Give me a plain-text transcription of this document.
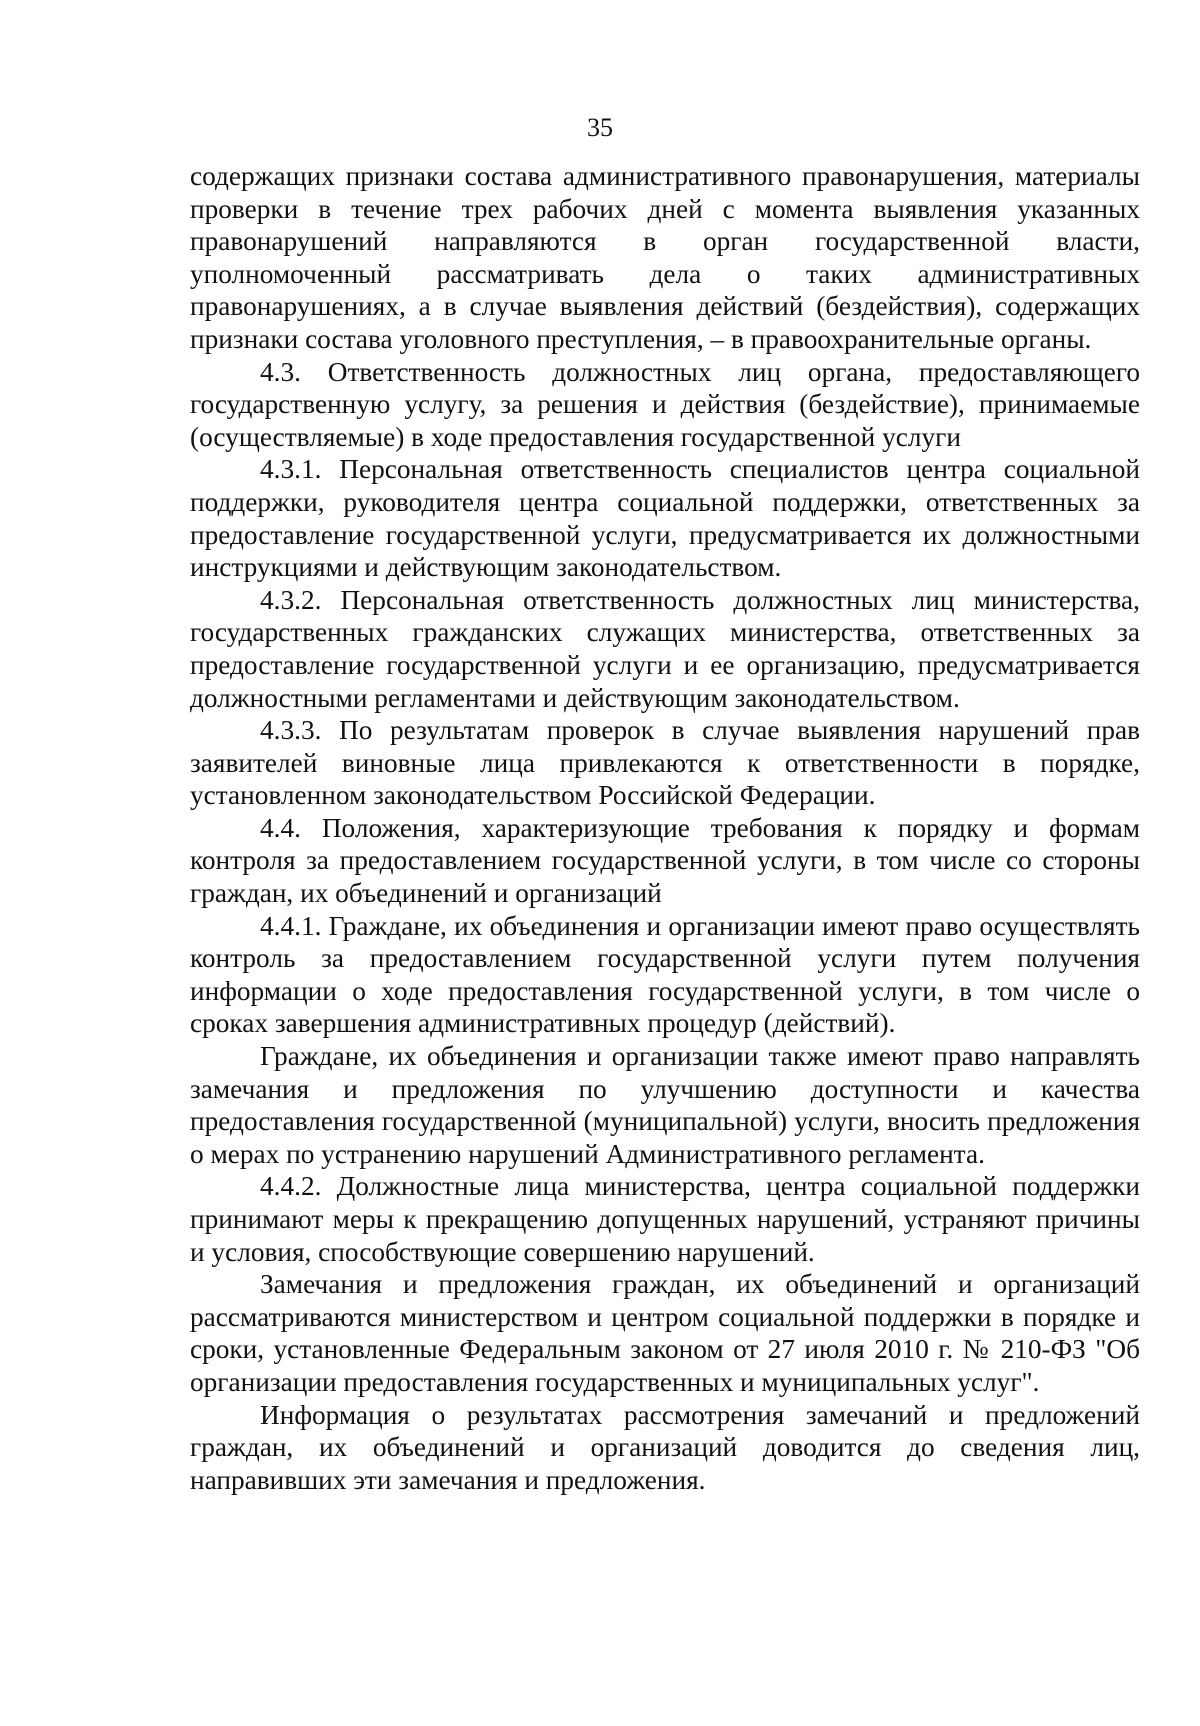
35

содержащих признаки состава административного правонарушения, материалы проверки в течение трех рабочих дней с момента выявления указанных правонарушений направляются в орган государственной власти, уполномоченный рассматривать дела о таких административных правонарушениях, а в случае выявления действий (бездействия), содержащих признаки состава уголовного преступления, – в правоохранительные органы.

4.3. Ответственность должностных лиц органа, предоставляющего государственную услугу, за решения и действия (бездействие), принимаемые (осуществляемые) в ходе предоставления государственной услуги

4.3.1. Персональная ответственность специалистов центра социальной поддержки, руководителя центра социальной поддержки, ответственных за предоставление государственной услуги, предусматривается их должностными инструкциями и действующим законодательством.

4.3.2. Персональная ответственность должностных лиц министерства, государственных гражданских служащих министерства, ответственных за предоставление государственной услуги и ее организацию, предусматривается должностными регламентами и действующим законодательством.

4.3.3. По результатам проверок в случае выявления нарушений прав заявителей виновные лица привлекаются к ответственности в порядке, установленном законодательством Российской Федерации.

4.4. Положения, характеризующие требования к порядку и формам контроля за предоставлением государственной услуги, в том числе со стороны граждан, их объединений и организаций

4.4.1. Граждане, их объединения и организации имеют право осуществлять контроль за предоставлением государственной услуги путем получения информации о ходе предоставления государственной услуги, в том числе о сроках завершения административных процедур (действий).

Граждане, их объединения и организации также имеют право направлять замечания и предложения по улучшению доступности и качества предоставления государственной (муниципальной) услуги, вносить предложения о мерах по устранению нарушений Административного регламента.

4.4.2. Должностные лица министерства, центра социальной поддержки принимают меры к прекращению допущенных нарушений, устраняют причины и условия, способствующие совершению нарушений.

Замечания и предложения граждан, их объединений и организаций рассматриваются министерством и центром социальной поддержки в порядке и сроки, установленные Федеральным законом от 27 июля 2010 г. № 210-ФЗ "Об организации предоставления государственных и муниципальных услуг".

Информация о результатах рассмотрения замечаний и предложений граждан, их объединений и организаций доводится до сведения лиц, направивших эти замечания и предложения.
